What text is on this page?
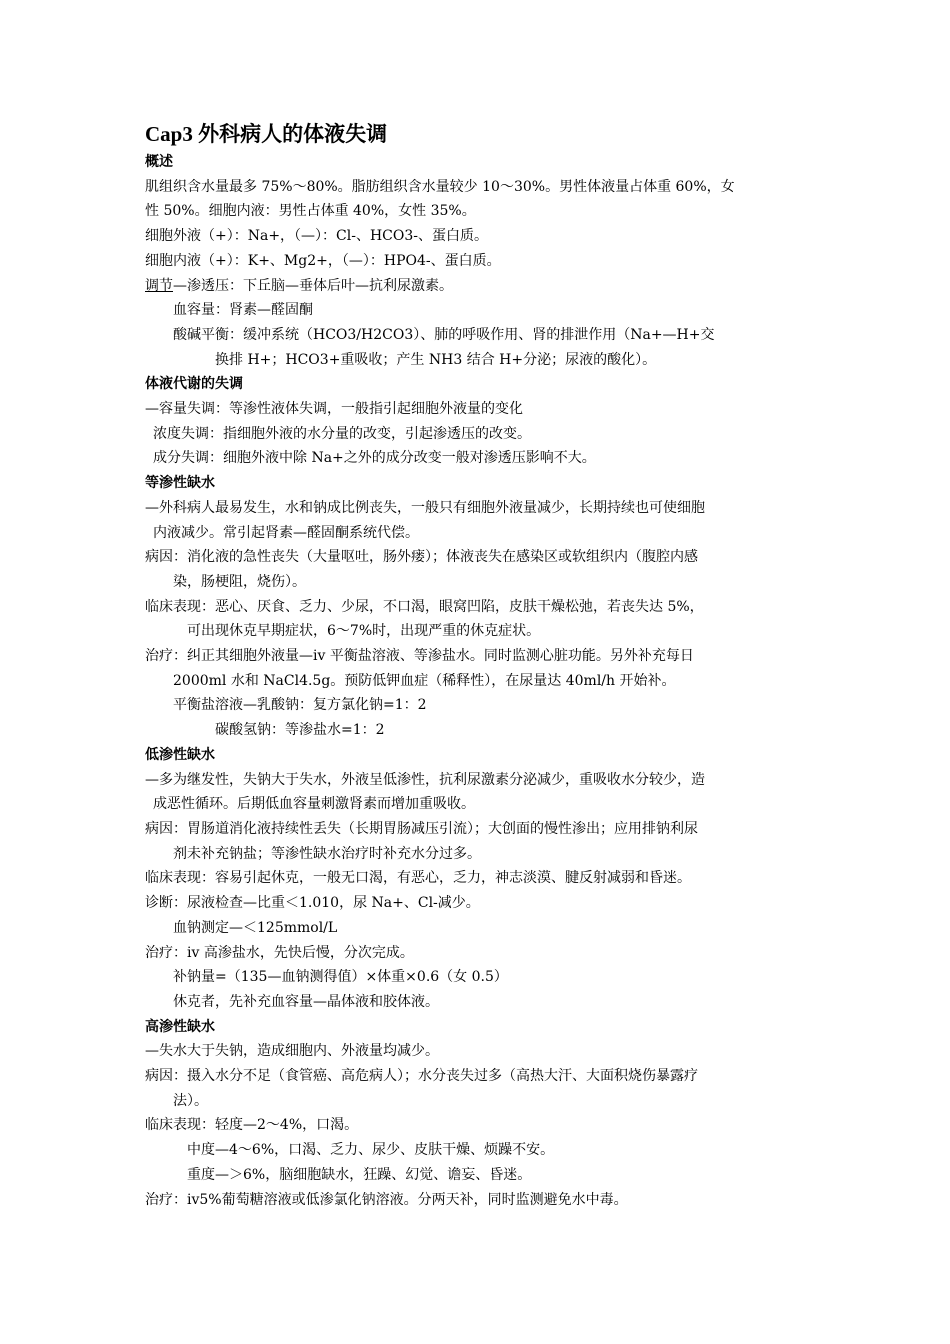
Cap3 外科病人的体液失调
概述
肌组织含水量最多 75%～80%。脂肪组织含水量较少 10～30%。男性体液量占体重 60%，女
性 50%。细胞内液：男性占体重 40%，女性 35%。
细胞外液（+）：Na+，（—）：Cl-、HCO3-、蛋白质。
细胞内液（+）：K+、Mg2+，（—）：HPO4-、蛋白质。
调节—渗透压：下丘脑—垂体后叶—抗利尿激素。
血容量：肾素—醛固酮
酸碱平衡：缓冲系统（HCO3/H2CO3）、肺的呼吸作用、肾的排泄作用（Na+—H+交
换排 H+；HCO3+重吸收；产生 NH3 结合 H+分泌；尿液的酸化）。
体液代谢的失调
—容量失调：等渗性液体失调，一般指引起细胞外液量的变化
浓度失调：指细胞外液的水分量的改变，引起渗透压的改变。
成分失调：细胞外液中除 Na+之外的成分改变一般对渗透压影响不大。
等渗性缺水
—外科病人最易发生，水和钠成比例丧失，一般只有细胞外液量减少，长期持续也可使细胞
内液减少。常引起肾素—醛固酮系统代偿。
病因：消化液的急性丧失（大量呕吐，肠外瘘）；体液丧失在感染区或软组织内（腹腔内感
染，肠梗阻，烧伤）。
临床表现：恶心、厌食、乏力、少尿，不口渴，眼窝凹陷，皮肤干燥松弛，若丧失达 5%，
可出现休克早期症状，6～7%时，出现严重的休克症状。
治疗：纠正其细胞外液量—iv 平衡盐溶液、等渗盐水。同时监测心脏功能。另外补充每日
2000ml 水和 NaCl4.5g。预防低钾血症（稀释性），在尿量达 40ml/h 开始补。
平衡盐溶液—乳酸钠：复方氯化钠=1：2
碳酸氢钠：等渗盐水=1：2
低渗性缺水
—多为继发性，失钠大于失水，外液呈低渗性，抗利尿激素分泌减少，重吸收水分较少，造
成恶性循环。后期低血容量刺激肾素而增加重吸收。
病因：胃肠道消化液持续性丢失（长期胃肠减压引流）；大创面的慢性渗出；应用排钠利尿
剂未补充钠盐；等渗性缺水治疗时补充水分过多。
临床表现：容易引起休克，一般无口渴，有恶心，乏力，神志淡漠、腱反射减弱和昏迷。
诊断：尿液检查—比重＜1.010，尿 Na+、Cl-减少。
血钠测定—＜125mmol/L
治疗：iv 高渗盐水，先快后慢，分次完成。
补钠量=（135—血钠测得值）×体重×0.6（女 0.5）
休克者，先补充血容量—晶体液和胶体液。
高渗性缺水
—失水大于失钠，造成细胞内、外液量均减少。
病因：摄入水分不足（食管癌、高危病人）；水分丧失过多（高热大汗、大面积烧伤暴露疗
法）。
临床表现：轻度—2～4%，口渴。
中度—4～6%，口渴、乏力、尿少、皮肤干燥、烦躁不安。
重度—＞6%，脑细胞缺水，狂躁、幻觉、谵妄、昏迷。
治疗：iv5%葡萄糖溶液或低渗氯化钠溶液。分两天补，同时监测避免水中毒。
